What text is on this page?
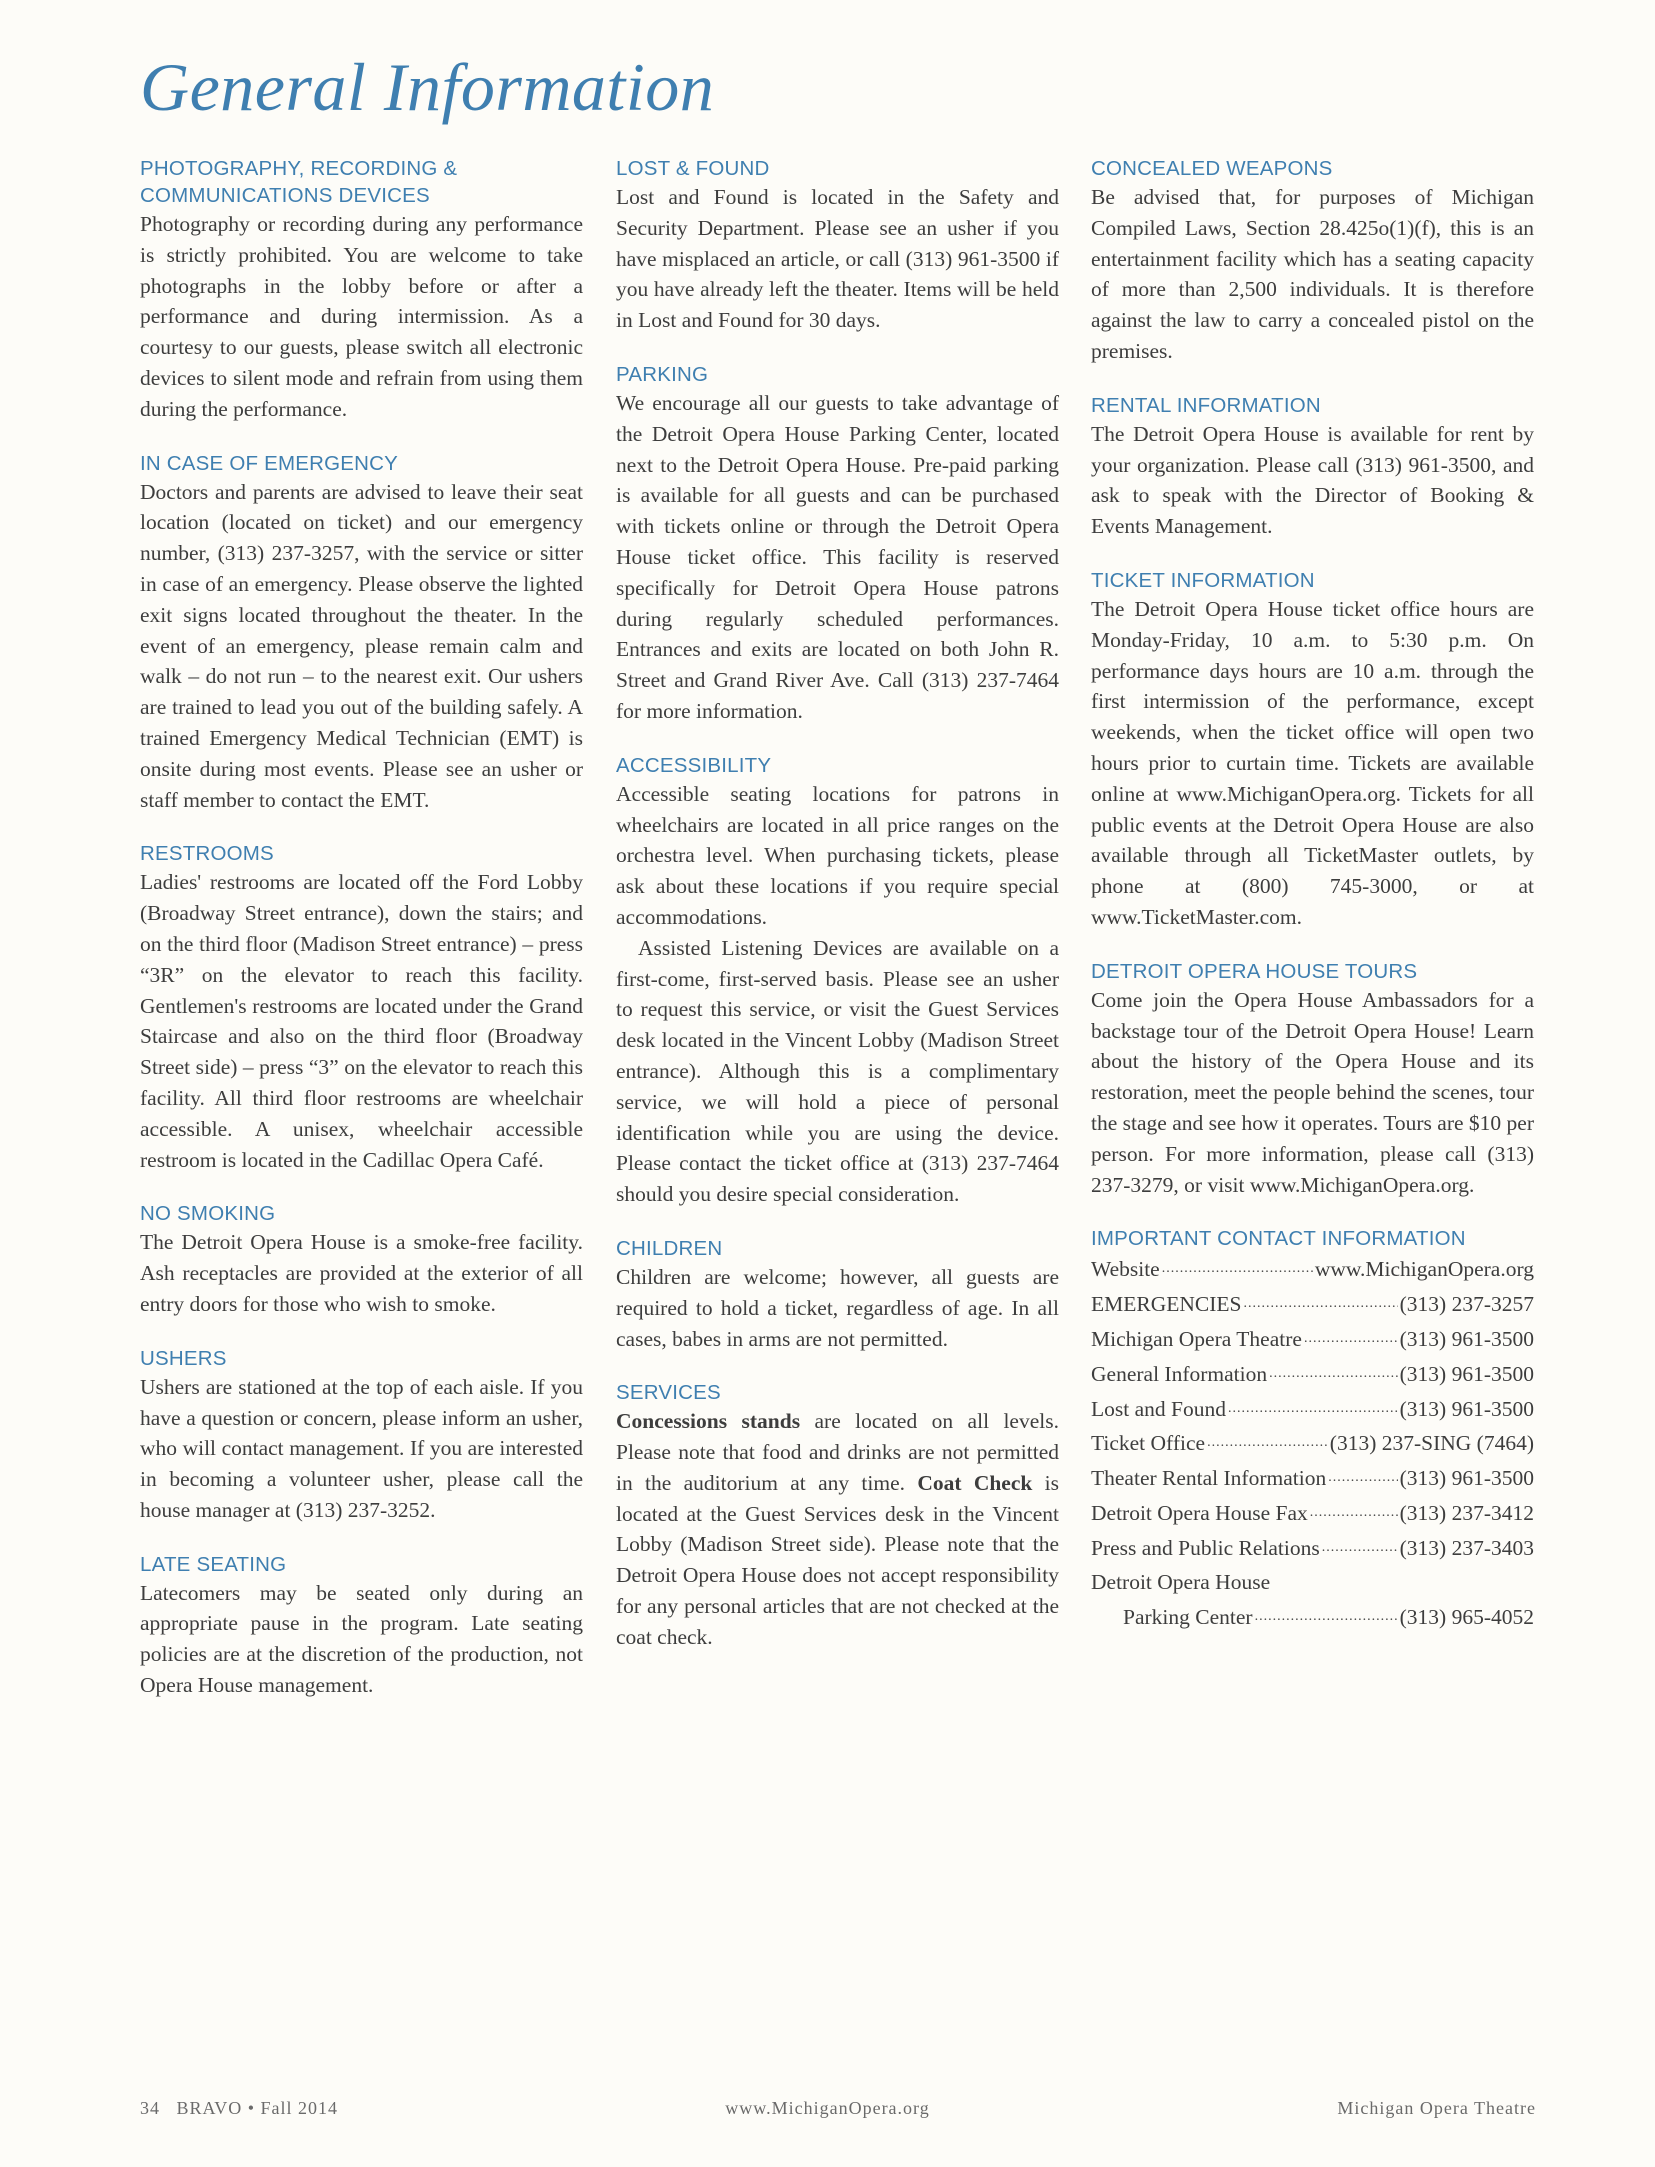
General Information
PHOTOGRAPHY, RECORDING & COMMUNICATIONS DEVICES

Photography or recording during any performance is strictly prohibited. You are welcome to take photographs in the lobby before or after a performance and during intermission. As a courtesy to our guests, please switch all electronic devices to silent mode and refrain from using them during the performance.

IN CASE OF EMERGENCY

Doctors and parents are advised to leave their seat location (located on ticket) and our emergency number, (313) 237-3257, with the service or sitter in case of an emergency. Please observe the lighted exit signs located throughout the theater. In the event of an emergency, please remain calm and walk – do not run – to the nearest exit. Our ushers are trained to lead you out of the building safely. A trained Emergency Medical Technician (EMT) is onsite during most events. Please see an usher or staff member to contact the EMT.

RESTROOMS

Ladies' restrooms are located off the Ford Lobby (Broadway Street entrance), down the stairs; and on the third floor (Madison Street entrance) – press “3R” on the elevator to reach this facility. Gentlemen's restrooms are located under the Grand Staircase and also on the third floor (Broadway Street side) – press “3” on the elevator to reach this facility. All third floor restrooms are wheelchair accessible. A unisex, wheelchair accessible restroom is located in the Cadillac Opera Café.

NO SMOKING

The Detroit Opera House is a smoke-free facility. Ash receptacles are provided at the exterior of all entry doors for those who wish to smoke.

USHERS

Ushers are stationed at the top of each aisle. If you have a question or concern, please inform an usher, who will contact management. If you are interested in becoming a volunteer usher, please call the house manager at (313) 237-3252.

LATE SEATING

Latecomers may be seated only during an appropriate pause in the program. Late seating policies are at the discretion of the production, not Opera House management.

LOST & FOUND

Lost and Found is located in the Safety and Security Department. Please see an usher if you have misplaced an article, or call (313) 961-3500 if you have already left the theater. Items will be held in Lost and Found for 30 days.

PARKING

We encourage all our guests to take advantage of the Detroit Opera House Parking Center, located next to the Detroit Opera House. Pre-paid parking is available for all guests and can be purchased with tickets online or through the Detroit Opera House ticket office. This facility is reserved specifically for Detroit Opera House patrons during regularly scheduled performances. Entrances and exits are located on both John R. Street and Grand River Ave. Call (313) 237-7464 for more information.

ACCESSIBILITY

Accessible seating locations for patrons in wheelchairs are located in all price ranges on the orchestra level. When purchasing tickets, please ask about these locations if you require special accommodations.

Assisted Listening Devices are available on a first-come, first-served basis. Please see an usher to request this service, or visit the Guest Services desk located in the Vincent Lobby (Madison Street entrance). Although this is a complimentary service, we will hold a piece of personal identification while you are using the device. Please contact the ticket office at (313) 237-7464 should you desire special consideration.

CHILDREN

Children are welcome; however, all guests are required to hold a ticket, regardless of age. In all cases, babes in arms are not permitted.

SERVICES

Concessions stands are located on all levels. Please note that food and drinks are not permitted in the auditorium at any time. Coat Check is located at the Guest Services desk in the Vincent Lobby (Madison Street side). Please note that the Detroit Opera House does not accept responsibility for any personal articles that are not checked at the coat check.

CONCEALED WEAPONS

Be advised that, for purposes of Michigan Compiled Laws, Section 28.425o(1)(f), this is an entertainment facility which has a seating capacity of more than 2,500 individuals. It is therefore against the law to carry a concealed pistol on the premises.

RENTAL INFORMATION

The Detroit Opera House is available for rent by your organization. Please call (313) 961-3500, and ask to speak with the Director of Booking & Events Management.

TICKET INFORMATION

The Detroit Opera House ticket office hours are Monday-Friday, 10 a.m. to 5:30 p.m. On performance days hours are 10 a.m. through the first intermission of the performance, except weekends, when the ticket office will open two hours prior to curtain time. Tickets are available online at www.MichiganOpera.org. Tickets for all public events at the Detroit Opera House are also available through all TicketMaster outlets, by phone at (800) 745-3000, or at www.TicketMaster.com.

DETROIT OPERA HOUSE TOURS

Come join the Opera House Ambassadors for a backstage tour of the Detroit Opera House! Learn about the history of the Opera House and its restoration, meet the people behind the scenes, tour the stage and see how it operates. Tours are $10 per person. For more information, please call (313) 237-3279, or visit www.MichiganOpera.org.

IMPORTANT CONTACT INFORMATION
Website .....	www.MichiganOpera.org
EMERGENCIES .....	(313) 237-3257
Michigan Opera Theatre .....	(313) 961-3500
General Information .....	(313) 961-3500
Lost and Found .....	(313) 961-3500
Ticket Office .....	(313) 237-SING (7464)
Theater Rental Information .....	(313) 961-3500
Detroit Opera House Fax .....	(313) 237-3412
Press and Public Relations .....	(313) 237-3403
Detroit Opera House
Parking Center .....	(313) 965-4052
34   BRAVO • Fall 2014	www.MichiganOpera.org	Michigan Opera Theatre
